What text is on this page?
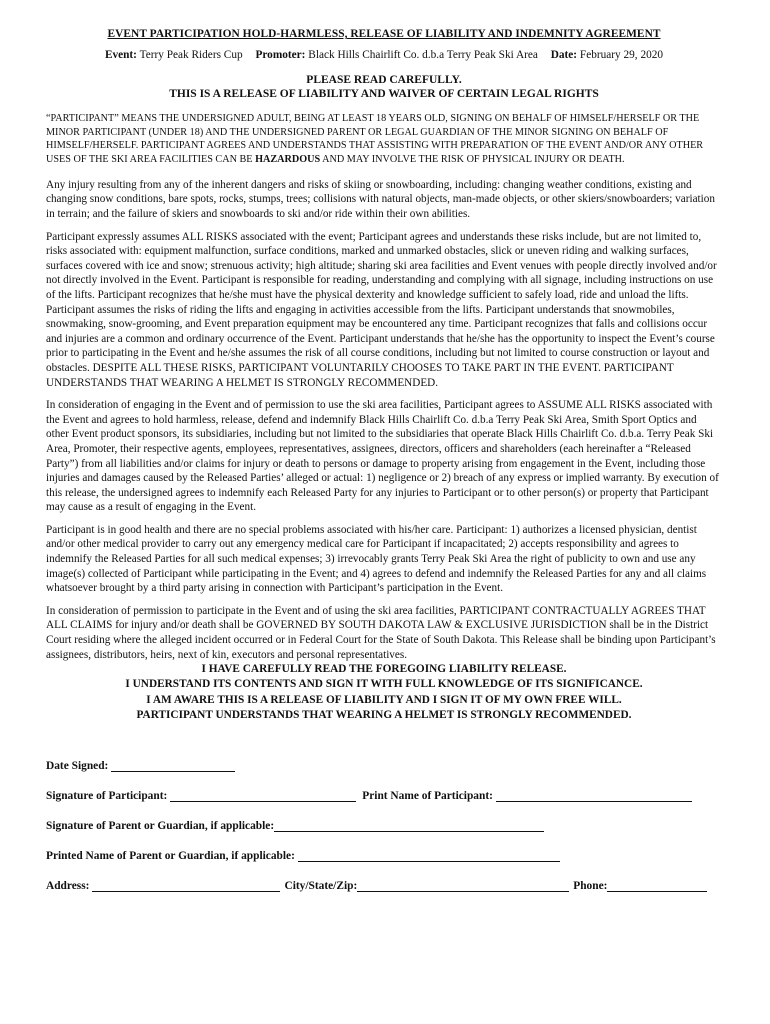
EVENT PARTICIPATION HOLD-HARMLESS, RELEASE OF LIABILITY AND INDEMNITY AGREEMENT
Event: Terry Peak Riders Cup Promoter: Black Hills Chairlift Co. d.b.a Terry Peak Ski Area Date: February 29, 2020
PLEASE READ CAREFULLY.
THIS IS A RELEASE OF LIABILITY AND WAIVER OF CERTAIN LEGAL RIGHTS
“PARTICIPANT” MEANS THE UNDERSIGNED ADULT, BEING AT LEAST 18 YEARS OLD, SIGNING ON BEHALF OF HIMSELF/HERSELF OR THE MINOR PARTICIPANT (UNDER 18) AND THE UNDERSIGNED PARENT OR LEGAL GUARDIAN OF THE MINOR SIGNING ON BEHALF OF HIMSELF/HERSELF. PARTICIPANT AGREES AND UNDERSTANDS THAT ASSISTING WITH PREPARATION OF THE EVENT AND/OR ANY OTHER USES OF THE SKI AREA FACILITIES CAN BE HAZARDOUS AND MAY INVOLVE THE RISK OF PHYSICAL INJURY OR DEATH.
Any injury resulting from any of the inherent dangers and risks of skiing or snowboarding, including: changing weather conditions, existing and changing snow conditions, bare spots, rocks, stumps, trees; collisions with natural objects, man-made objects, or other skiers/snowboarders; variation in terrain; and the failure of skiers and snowboards to ski and/or ride within their own abilities.
Participant expressly assumes ALL RISKS associated with the event; Participant agrees and understands these risks include, but are not limited to, risks associated with: equipment malfunction, surface conditions, marked and unmarked obstacles, slick or uneven riding and walking surfaces, surfaces covered with ice and snow; strenuous activity; high altitude; sharing ski area facilities and Event venues with people directly involved and/or not directly involved in the Event. Participant is responsible for reading, understanding and complying with all signage, including instructions on use of the lifts. Participant recognizes that he/she must have the physical dexterity and knowledge sufficient to safely load, ride and unload the lifts. Participant assumes the risks of riding the lifts and engaging in activities accessible from the lifts. Participant understands that snowmobiles, snowmaking, snow-grooming, and Event preparation equipment may be encountered any time. Participant recognizes that falls and collisions occur and injuries are a common and ordinary occurrence of the Event. Participant understands that he/she has the opportunity to inspect the Event’s course prior to participating in the Event and he/she assumes the risk of all course conditions, including but not limited to course construction or layout and obstacles. DESPITE ALL THESE RISKS, PARTICIPANT VOLUNTARILY CHOOSES TO TAKE PART IN THE EVENT. PARTICIPANT UNDERSTANDS THAT WEARING A HELMET IS STRONGLY RECOMMENDED.
In consideration of engaging in the Event and of permission to use the ski area facilities, Participant agrees to ASSUME ALL RISKS associated with the Event and agrees to hold harmless, release, defend and indemnify Black Hills Chairlift Co. d.b.a Terry Peak Ski Area, Smith Sport Optics and other Event product sponsors, its subsidiaries, including but not limited to the subsidiaries that operate Black Hills Chairlift Co. d.b.a. Terry Peak Ski Area, Promoter, their respective agents, employees, representatives, assignees, directors, officers and shareholders (each hereinafter a “Released Party”) from all liabilities and/or claims for injury or death to persons or damage to property arising from engagement in the Event, including those injuries and damages caused by the Released Parties’ alleged or actual: 1) negligence or 2) breach of any express or implied warranty. By execution of this release, the undersigned agrees to indemnify each Released Party for any injuries to Participant or to other person(s) or property that Participant may cause as a result of engaging in the Event.
Participant is in good health and there are no special problems associated with his/her care. Participant: 1) authorizes a licensed physician, dentist and/or other medical provider to carry out any emergency medical care for Participant if incapacitated; 2) accepts responsibility and agrees to indemnify the Released Parties for all such medical expenses; 3) irrevocably grants Terry Peak Ski Area the right of publicity to own and use any image(s) collected of Participant while participating in the Event; and 4) agrees to defend and indemnify the Released Parties for any and all claims whatsoever brought by a third party arising in connection with Participant’s participation in the Event.
In consideration of permission to participate in the Event and of using the ski area facilities, PARTICIPANT CONTRACTUALLY AGREES THAT ALL CLAIMS for injury and/or death shall be GOVERNED BY SOUTH DAKOTA LAW & EXCLUSIVE JURISDICTION shall be in the District Court residing where the alleged incident occurred or in Federal Court for the State of South Dakota. This Release shall be binding upon Participant’s assignees, distributors, heirs, next of kin, executors and personal representatives.
I HAVE CAREFULLY READ THE FOREGOING LIABILITY RELEASE.
I UNDERSTAND ITS CONTENTS AND SIGN IT WITH FULL KNOWLEDGE OF ITS SIGNIFICANCE.
I AM AWARE THIS IS A RELEASE OF LIABILITY AND I SIGN IT OF MY OWN FREE WILL.
PARTICIPANT UNDERSTANDS THAT WEARING A HELMET IS STRONGLY RECOMMENDED.
Date Signed:
Signature of Participant:	Print Name of Participant:
Signature of Parent or Guardian, if applicable:
Printed Name of Parent or Guardian, if applicable:
Address:	City/State/Zip:	Phone:
